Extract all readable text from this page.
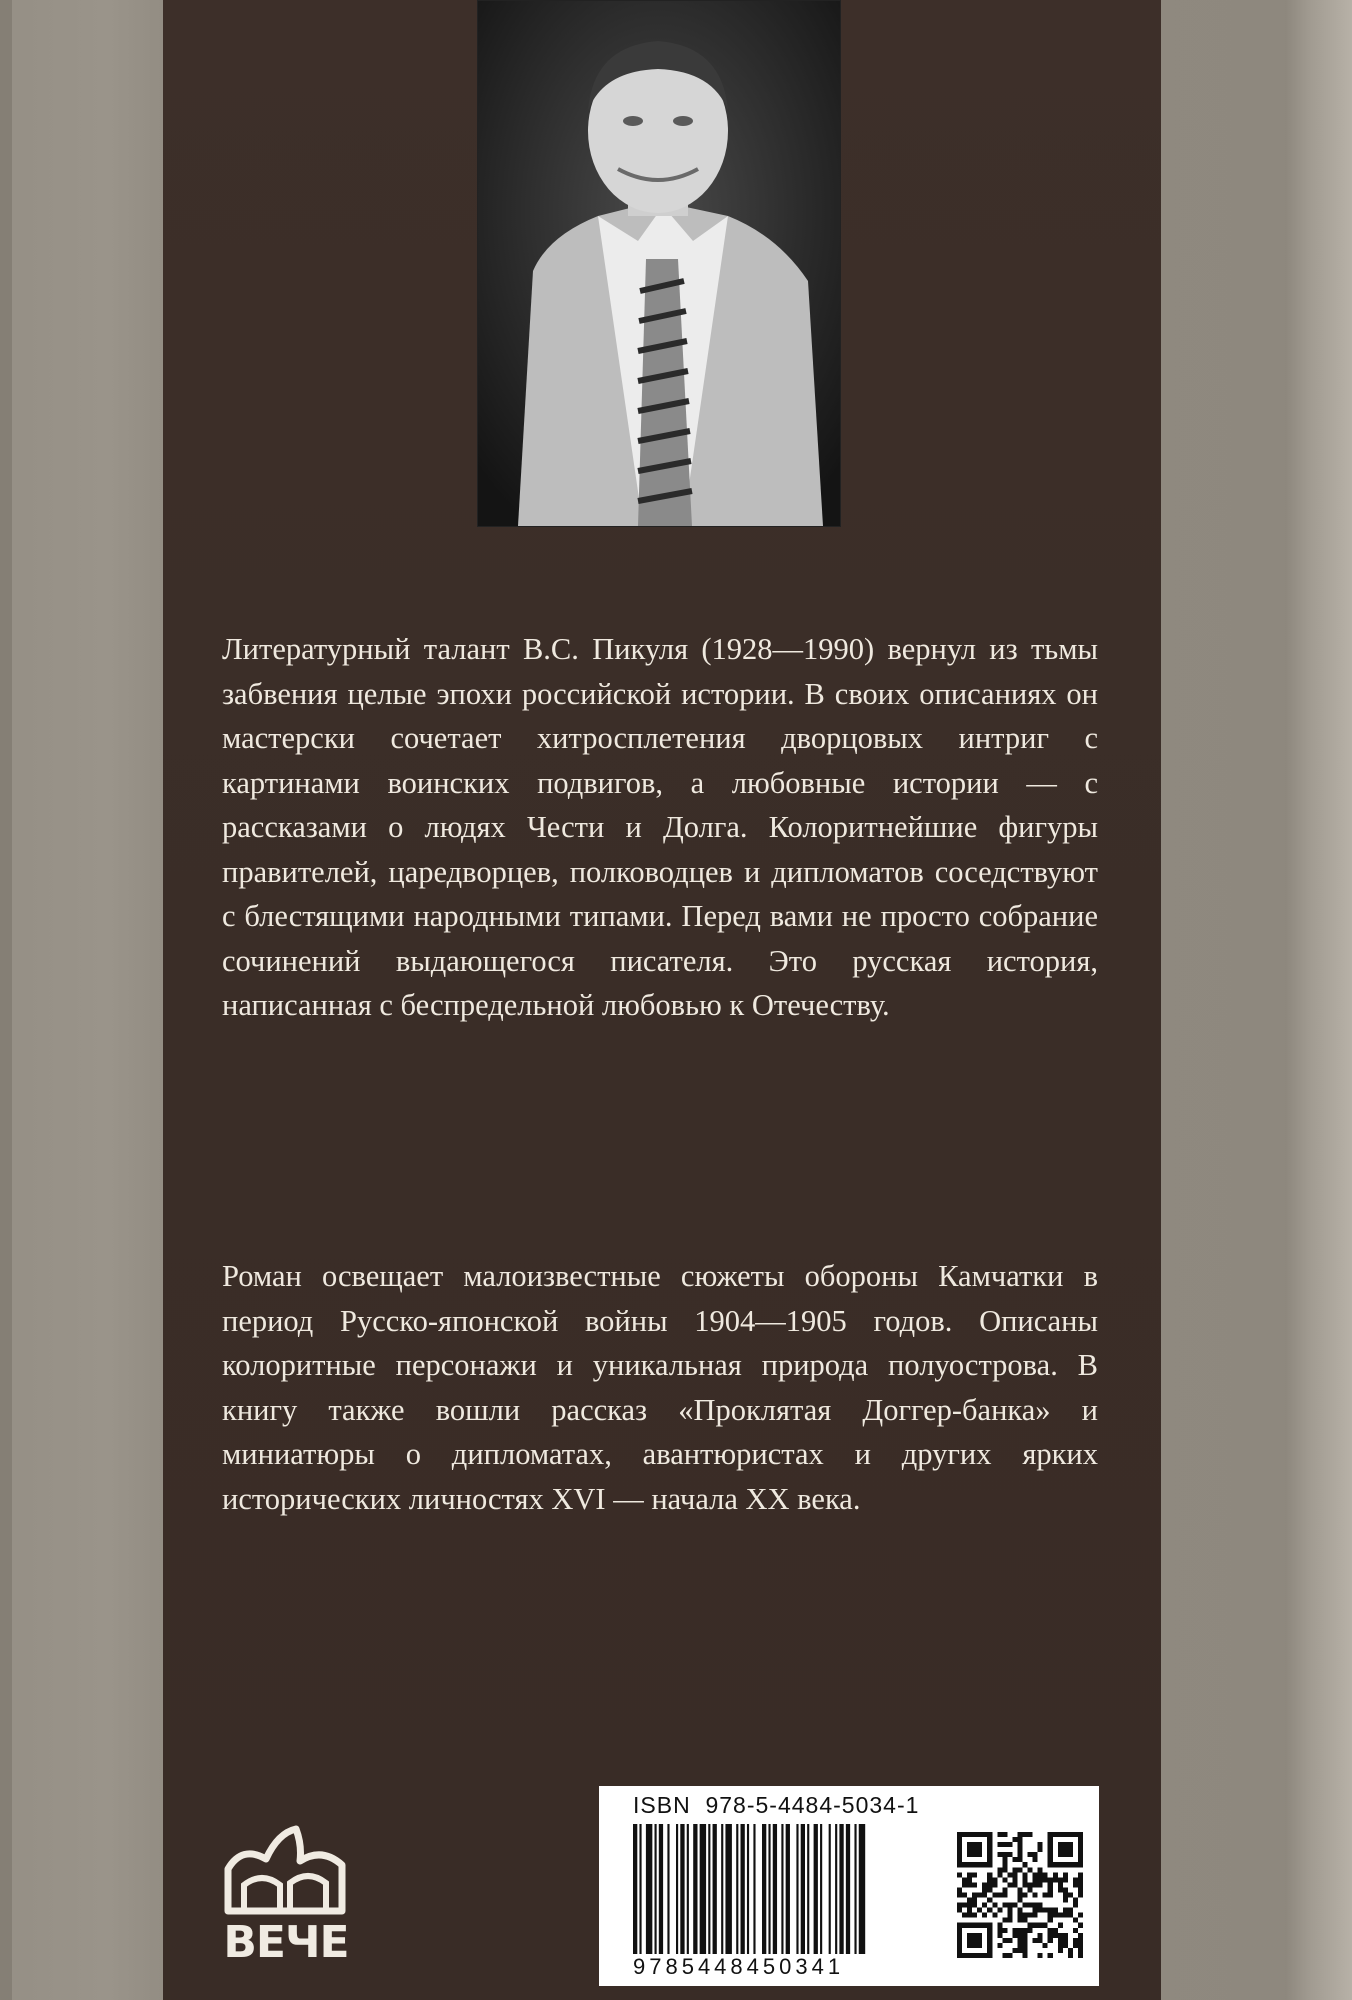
Литературный талант В.С. Пикуля (1928—1990) вернул из тьмы забвения целые эпохи российской истории. В своих описаниях он мастерски сочетает хитросплетения дворцовых интриг с картинами воинских подвигов, а любовные истории — с рассказами о людях Чести и Долга. Колоритнейшие фигуры правителей, царедворцев, полководцев и дипломатов соседствуют с блестящими народными типами. Перед вами не просто собрание сочинений выдающегося писателя. Это русская история, написанная с беспредельной любовью к Отечеству.
Роман освещает малоизвестные сюжеты обороны Камчатки в период Русско-японской войны 1904—1905 годов. Описаны колоритные персонажи и уникальная природа полуострова. В книгу также вошли рассказ «Проклятая Доггер-банка» и миниатюры о дипломатах, авантюристах и других ярких исторических личностях XVI — начала XX века.
ВЕЧЕ
ISBN  978-5-4484-5034-1
9785448450341
